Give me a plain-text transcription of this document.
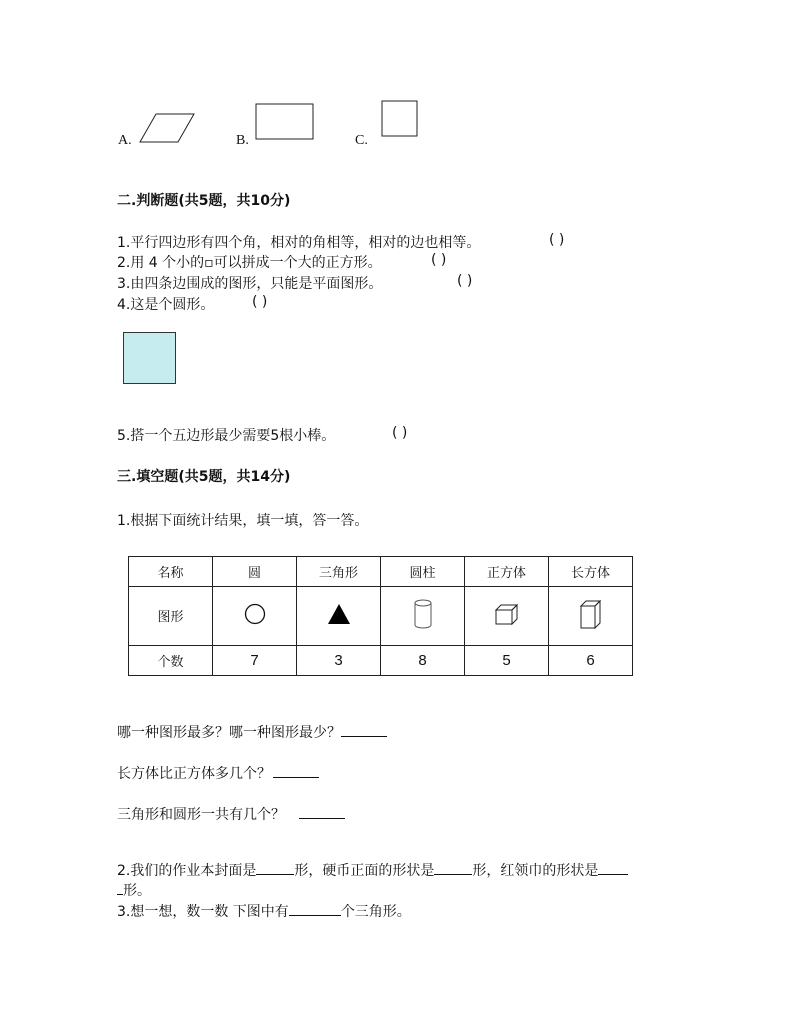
A.	B.	C.
二.判断题(共5题，共10分)
1.平行四边形有四个角，相对的角相等，相对的边也相等。	( )
2.用 4 个小的▫可以拼成一个大的正方形。	( )
3.由四条边围成的图形，只能是平面图形。	( )
4.这是个圆形。	( )
5.搭一个五边形最少需要5根小棒。	( )
三.填空题(共5题，共14分)
1.根据下面统计结果，填一填，答一答。
名称	圆	三角形	圆柱	正方体	长方体
图形					
个数	7	3	8	5	6
哪一种图形最多？哪一种图形最少？
长方体比正方体多几个？
三角形和圆形一共有几个？
2.我们的作业本封面是	形，硬币正面的形状是	形，红领巾的形状是
形。
3.想一想，数一数 下图中有	个三角形。
